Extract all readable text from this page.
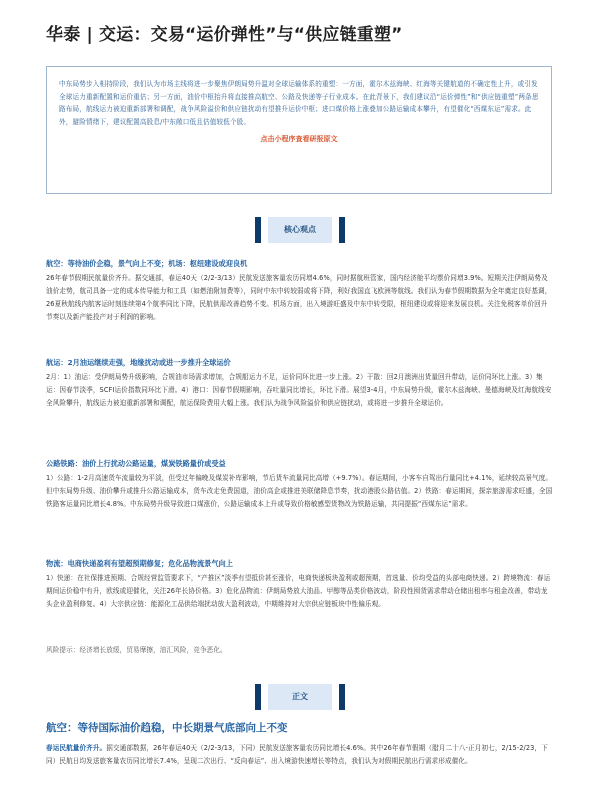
华泰 | 交运：交易“运价弹性”与“供应链重塑”
中东局势步入相持阶段，我们认为市场主线将进一步聚焦伊朗局势升温对全球运输体系的重塑：一方面，霍尔木兹海峡、红海等关键航道的不确定性上升，或引发全球运力重新配置和运价重估；另一方面，油价中枢抬升将直接推高航空、公路及快递等子行业成本。在此背景下，我们建议沿“运价弹性”和“供应链重塑”两条思路布局，航线运力被迫重新部署和调配，战争风险溢价和供应链扰动有望推升运价中枢；进口煤价格上涨叠加公路运输成本攀升，有望催化“西煤东运”需求。此外，避险情绪下，建议配置高股息/中东敞口低且估值较低个股。
点击小程序查看研报原文
核心观点

航空：等待油价企稳，景气向上不变；机场：枢纽建设或迎良机

26年春节假期民航量价齐升。据交通部，春运40天（2/2-3/13）民航发送旅客量农历同增4.6%，同时据航班管家，国内经济舱平均票价同增3.9%。短期关注伊朗局势及油价走势，航司具备一定的成本传导能力和工具（如燃油附加费等），同时中东中转较弱或将下降，利好我国直飞欧洲等航线。我们认为春节假期数据为全年奠定良好基调，26夏秋航线内航客运时刻连续第4个航季同比下降，民航供需改善趋势不变。机场方面，出入境游旺盛及中东中转受限，枢纽建设或将迎来发展良机。关注免税客单价回升节奏以及新产能投产对于利润的影响。

航运：2月油运继续走强，地缘扰动或进一步推升全球运价

2月：1）油运：受伊朗局势升级影响，合规油市场需求增加，合规船运力不足，运价同环比进一步上涨。2）干散：回2月澳洲出货量回升带动，运价同环比上涨。3）集运：因春节淡季，SCFI运价指数同环比下滑。4）港口：因春节假期影响，吞吐量同比增长，环比下滑。展望3-4月，中东局势升级，霍尔木兹海峡、曼德海峡及红海航线安全风险攀升，航线运力被迫重新部署和调配，航运保险费用大幅上涨。我们认为战争风险溢价和供应链扰动，或将进一步推升全球运价。

公路铁路：油价上行扰动公路运量，煤炭铁路量价或受益

1）公路：1-2月高速货车流量较为平淡，但受过年偏晚及煤炭补库影响，节后货车流量同比高增（+9.7%）。春运期间，小客车自驾出行量同比+4.1%，延续较高景气度。但中东局势升级、油价攀升或推升公路运输成本，货车改走免费国道，油价高企或推进美联储降息节奏，扰动港股公路估值。2）铁路：春运期间，探亲旅游需求旺盛，全国铁路客运量同比增长4.8%。中东局势升级导致进口煤涨价，公路运输成本上升或导致价格敏感型货物改为铁路运输，共同提振“西煤东运”需求。

物流：电商快递盈利有望超预期修复；危化品物流景气向上

1）快递：在社保推进预期、合规经营监管要求下，“产推区”淡季有望抵价甚至涨价，电商快递板块盈利或超预期，首选量、价均受益的头部电商快递。2）跨境物流：春运期间运价稳中有升，欧线或迎催化，关注26年长协价格。3）危化品物流：伊朗局势放大油品、甲醇等品类价格波动，阶段性囤货需求带动仓储出租率与租金改善，带动龙头企业盈利修复。4）大宗供应链：能源化工品供给端扰动放大盈利波动，中期维持对大宗供应链板块中性偏乐观。

风险提示：经济增长放缓，贸易摩擦，油汇风险，竞争恶化。

正文
航空：等待国际油价趋稳，中长期景气底部向上不变

春运民航量价齐升。据交通部数据，26年春运40天（2/2-3/13，下同）民航发送旅客量农历同比增长4.6%。其中26年春节假期（腊月二十八-正月初七，2/15-2/23，下同）民航日均发送旅客量农历同比增长7.4%，呈现二次出行、“反向春运”、出入境游快速增长等特点，我们认为对假期民航出行需求形成催化。
